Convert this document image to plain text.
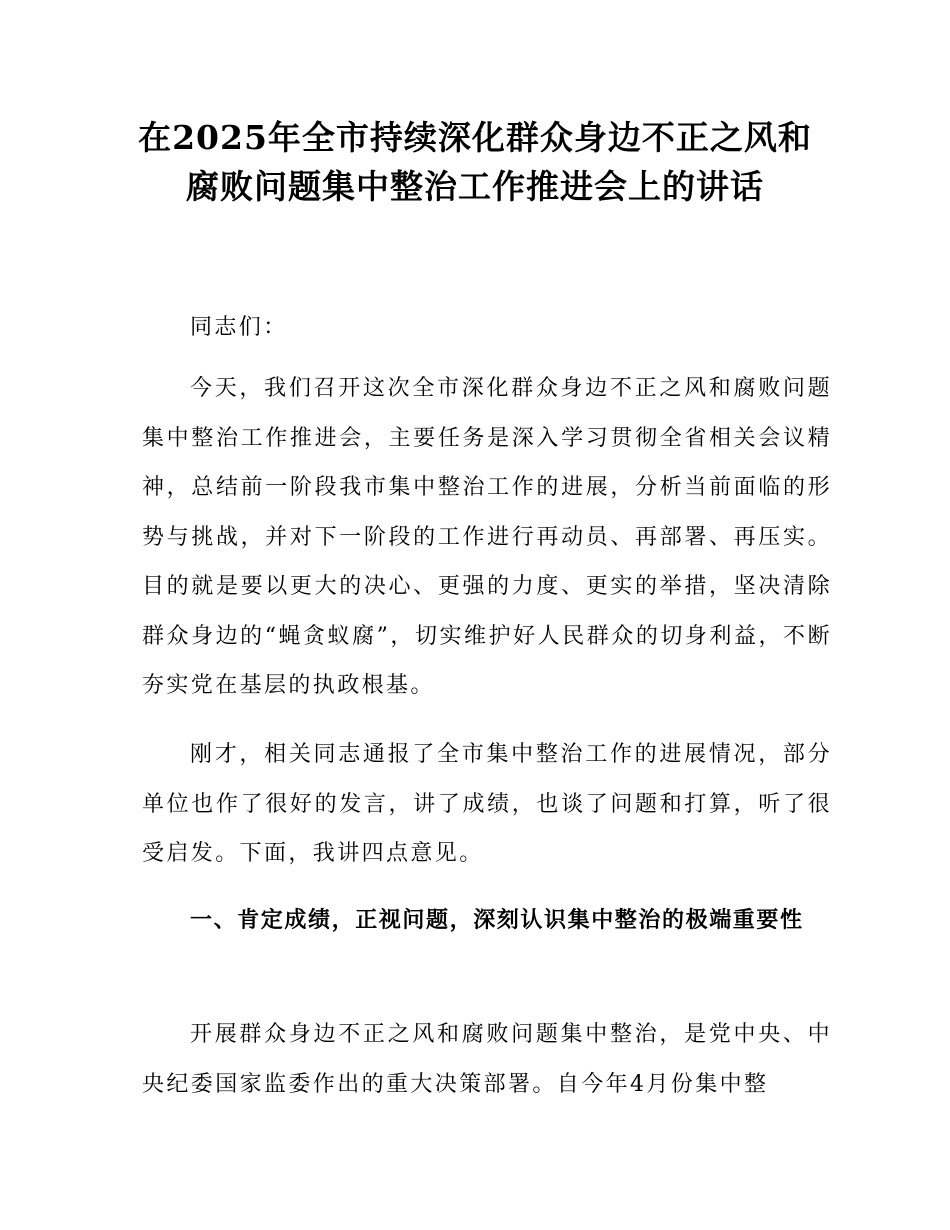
在2025年全市持续深化群众身边不正之风和
腐败问题集中整治工作推进会上的讲话

同志们：

今天，我们召开这次全市深化群众身边不正之风和腐败问题集中整治工作推进会，主要任务是深入学习贯彻全省相关会议精神，总结前一阶段我市集中整治工作的进展，分析当前面临的形势与挑战，并对下一阶段的工作进行再动员、再部署、再压实。目的就是要以更大的决心、更强的力度、更实的举措，坚决清除群众身边的“蝇贪蚁腐”，切实维护好人民群众的切身利益，不断夯实党在基层的执政根基。

刚才，相关同志通报了全市集中整治工作的进展情况，部分单位也作了很好的发言，讲了成绩，也谈了问题和打算，听了很受启发。下面，我讲四点意见。

一、肯定成绩，正视问题，深刻认识集中整治的极端重要性

开展群众身边不正之风和腐败问题集中整治，是党中央、中央纪委国家监委作出的重大决策部署。自今年4月份集中整
